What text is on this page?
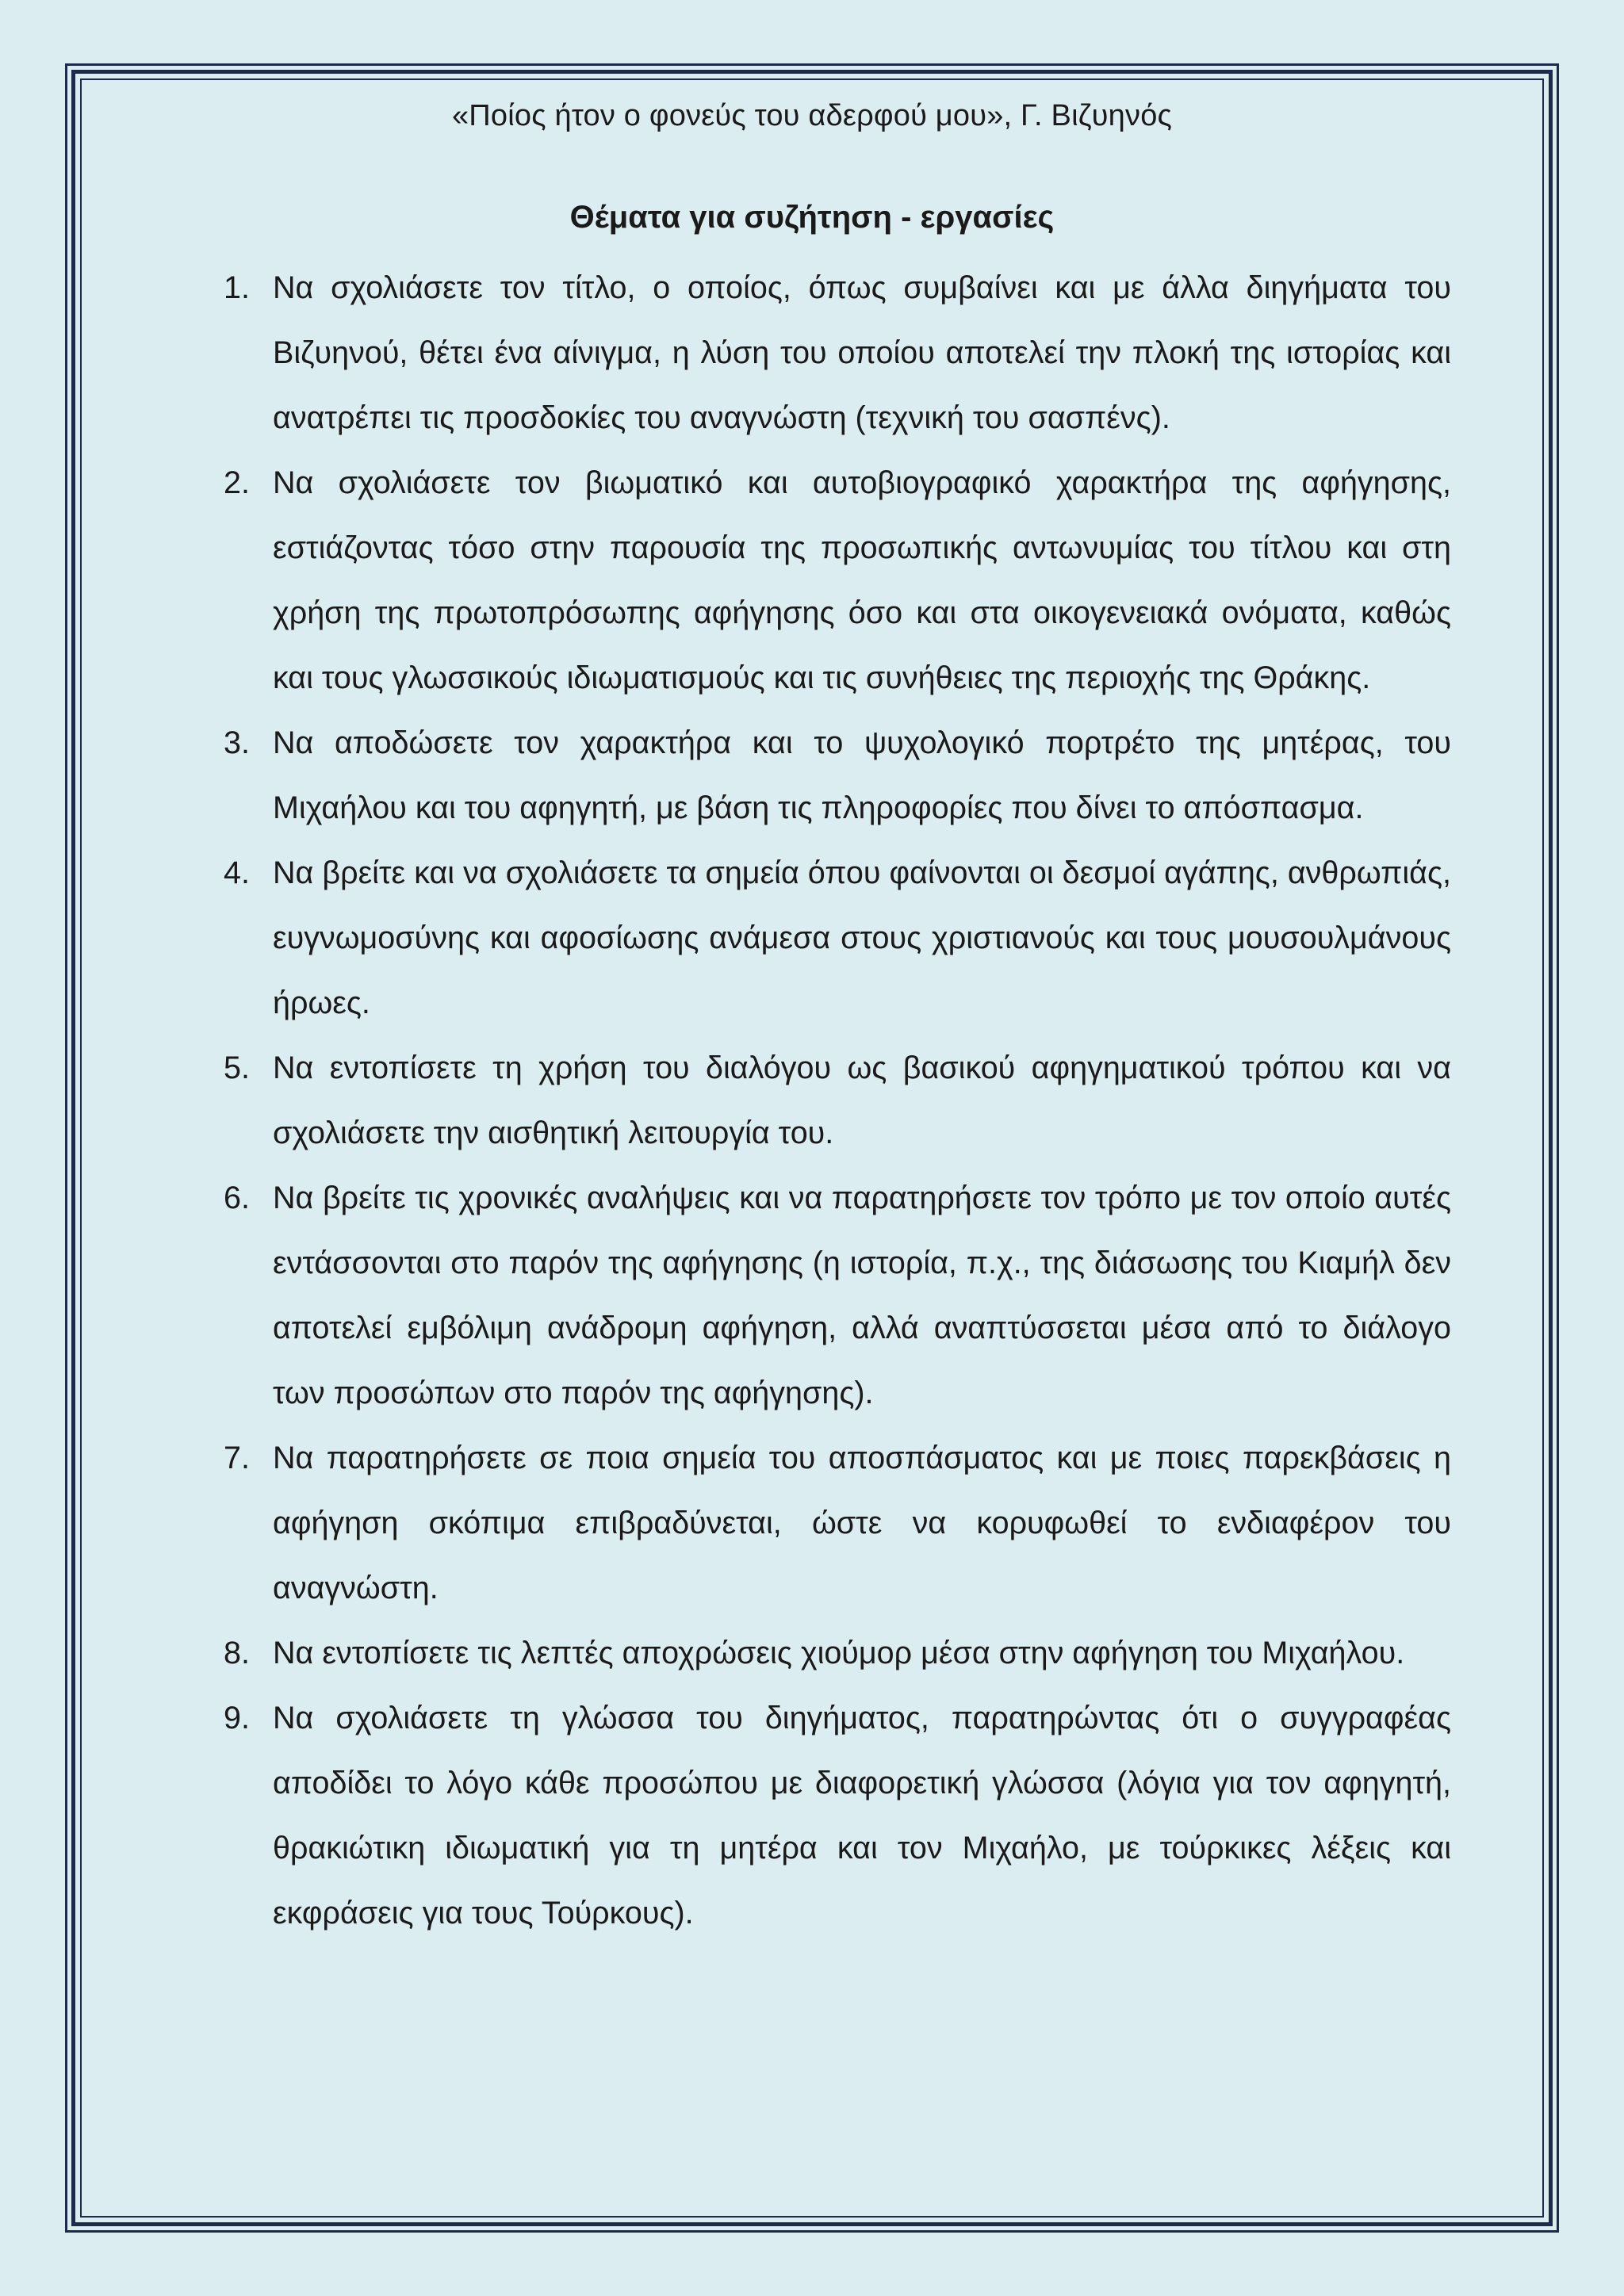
«Ποίος ήτον ο φονεύς του αδερφού μου», Γ. Βιζυηνός
Θέματα για συζήτηση - εργασίες
1. Να σχολιάσετε τον τίτλο, ο οποίος, όπως συμβαίνει και με άλλα διηγήματα του Βιζυηνού, θέτει ένα αίνιγμα, η λύση του οποίου αποτελεί την πλοκή της ιστορίας και ανατρέπει τις προσδοκίες του αναγνώστη (τεχνική του σασπένς).
2. Να σχολιάσετε τον βιωματικό και αυτοβιογραφικό χαρακτήρα της αφήγησης, εστιάζοντας τόσο στην παρουσία της προσωπικής αντωνυμίας του τίτλου και στη χρήση της πρωτοπρόσωπης αφήγησης όσο και στα οικογενειακά ονόματα, καθώς και τους γλωσσικούς ιδιωματισμούς και τις συνήθειες της περιοχής της Θράκης.
3. Να αποδώσετε τον χαρακτήρα και το ψυχολογικό πορτρέτο της μητέρας, του Μιχαήλου και του αφηγητή, με βάση τις πληροφορίες που δίνει το απόσπασμα.
4. Να βρείτε και να σχολιάσετε τα σημεία όπου φαίνονται οι δεσμοί αγάπης, ανθρωπιάς, ευγνωμοσύνης και αφοσίωσης ανάμεσα στους χριστιανούς και τους μουσουλμάνους ήρωες.
5. Να εντοπίσετε τη χρήση του διαλόγου ως βασικού αφηγηματικού τρόπου και να σχολιάσετε την αισθητική λειτουργία του.
6. Να βρείτε τις χρονικές αναλήψεις και να παρατηρήσετε τον τρόπο με τον οποίο αυτές εντάσσονται στο παρόν της αφήγησης (η ιστορία, π.χ., της διάσωσης του Κιαμήλ δεν αποτελεί εμβόλιμη ανάδρομη αφήγηση, αλλά αναπτύσσεται μέσα από το διάλογο των προσώπων στο παρόν της αφήγησης).
7. Να παρατηρήσετε σε ποια σημεία του αποσπάσματος και με ποιες παρεκβάσεις η αφήγηση σκόπιμα επιβραδύνεται, ώστε να κορυφωθεί το ενδιαφέρον του αναγνώστη.
8. Να εντοπίσετε τις λεπτές αποχρώσεις χιούμορ μέσα στην αφήγηση του Μιχαήλου.
9. Να σχολιάσετε τη γλώσσα του διηγήματος, παρατηρώντας ότι ο συγγραφέας αποδίδει το λόγο κάθε προσώπου με διαφορετική γλώσσα (λόγια για τον αφηγητή, θρακιώτικη ιδιωματική για τη μητέρα και τον Μιχαήλο, με τούρκικες λέξεις και εκφράσεις για τους Τούρκους).
